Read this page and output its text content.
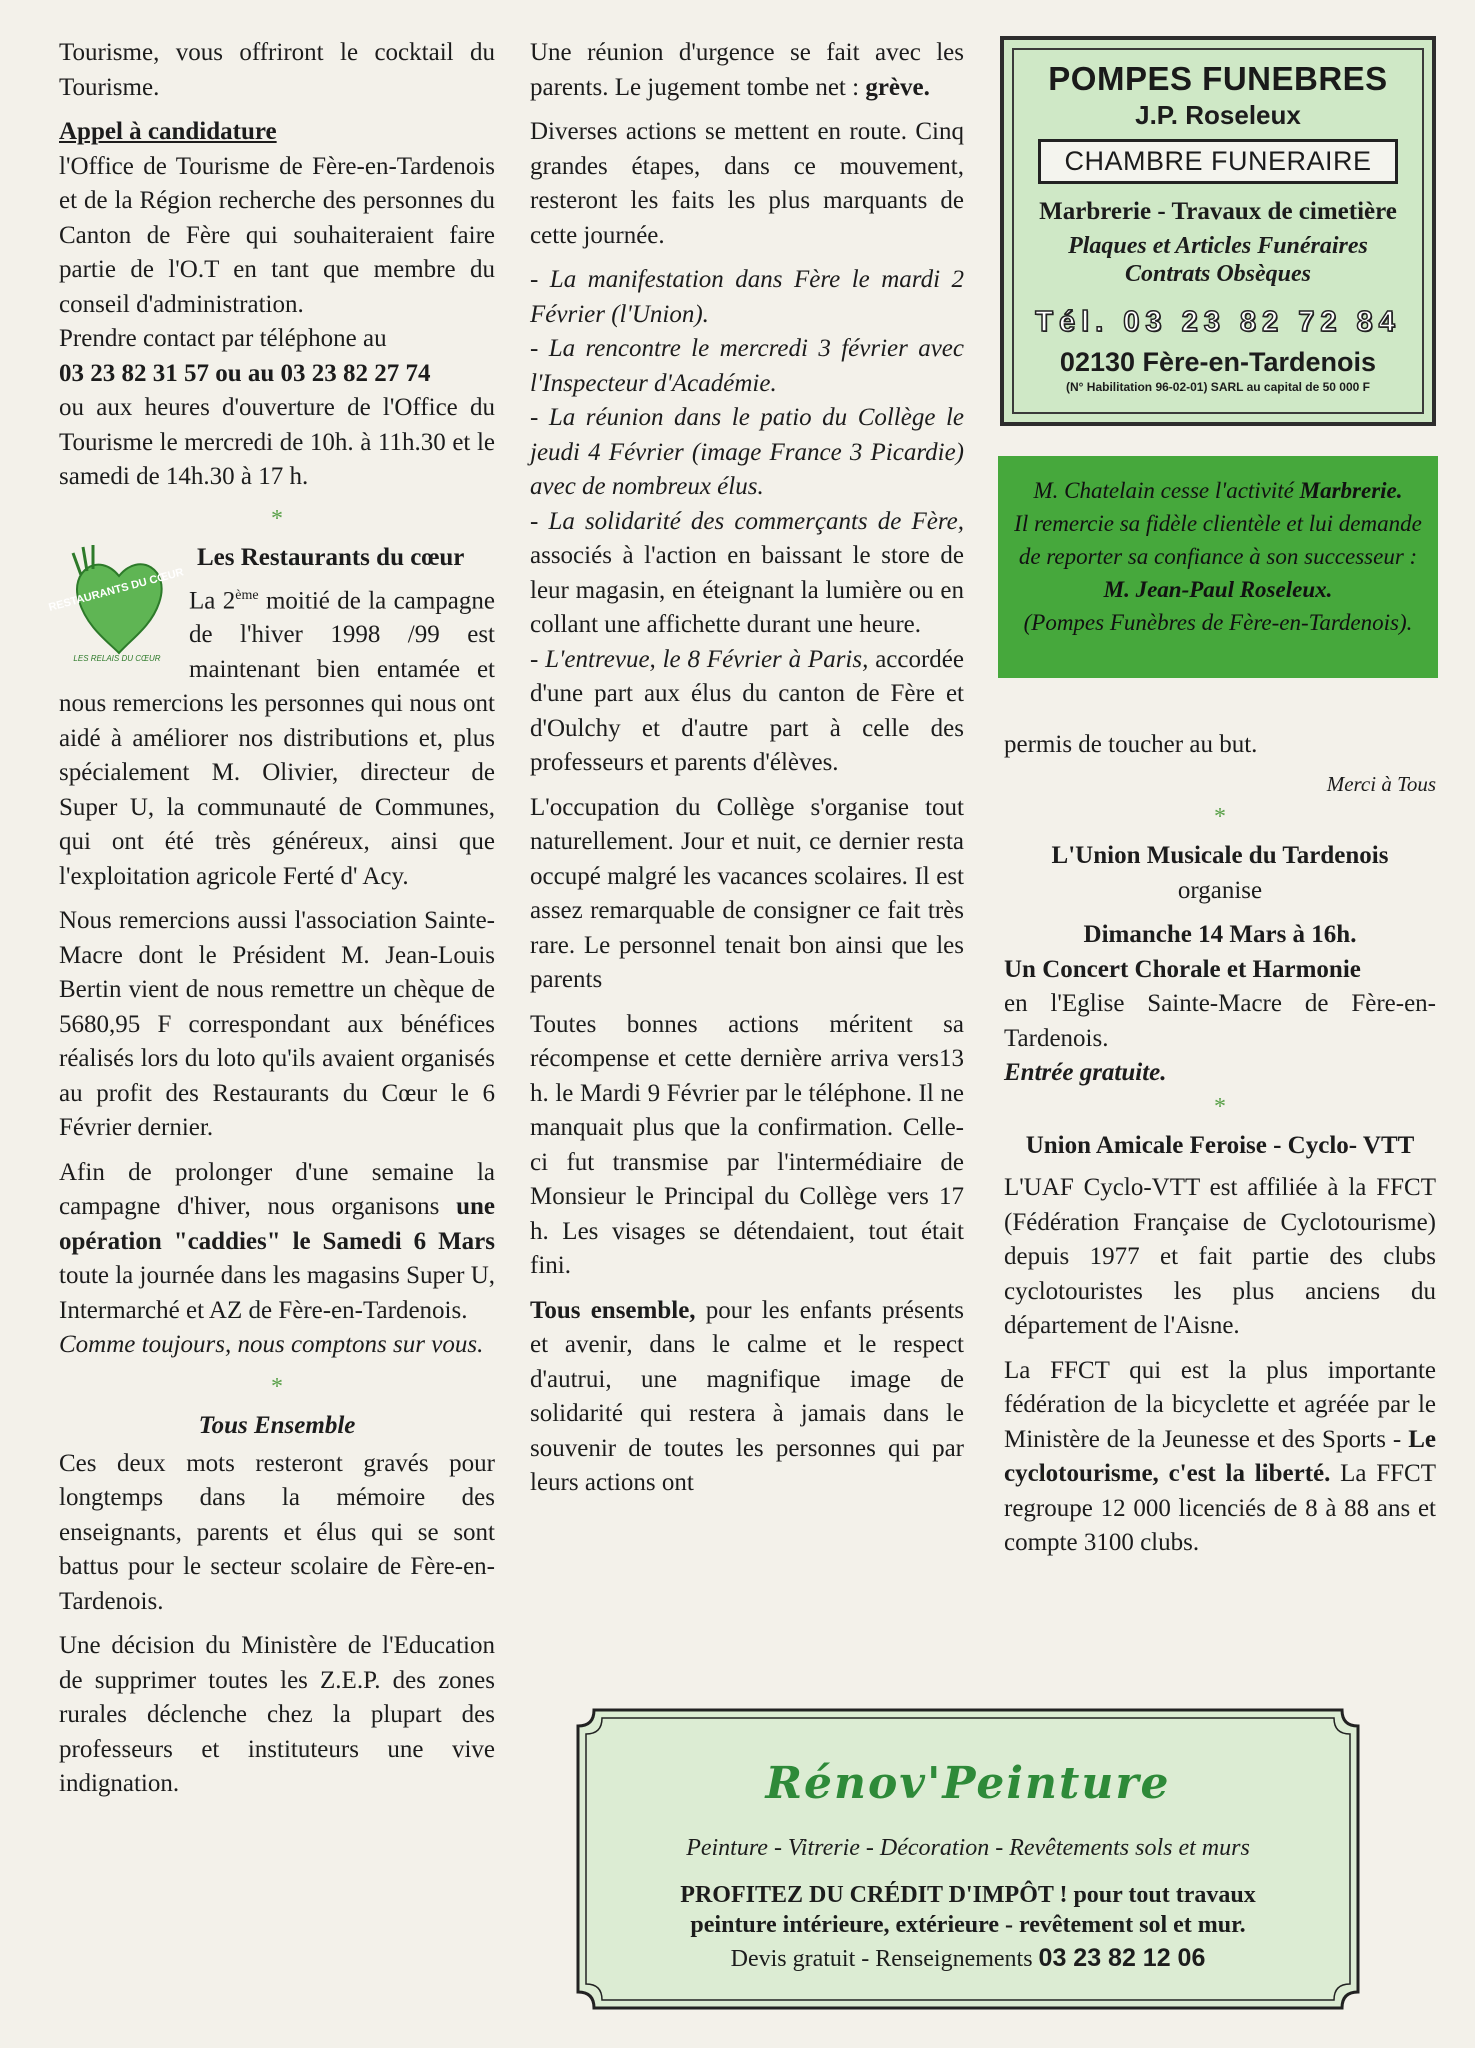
Tourisme, vous offriront le cocktail du Tourisme.

Appel à candidature

l'Office de Tourisme de Fère-en-Tardenois et de la Région recherche des personnes du Canton de Fère qui souhaiteraient faire partie de l'O.T en tant que membre du conseil d'administration.

Prendre contact par téléphone au

03 23 82 31 57 ou au 03 23 82 27 74

ou aux heures d'ouverture de l'Office du Tourisme le mercredi de 10h. à 11h.30 et le samedi de 14h.30 à 17 h.

*
RESTAURANTS DU CŒUR
LES RELAIS DU CŒUR
Les Restaurants du cœur

La 2ème moitié de la campagne de l'hiver 1998 /99 est maintenant bien entamée et nous remercions les personnes qui nous ont aidé à améliorer nos distributions et, plus spécialement M. Olivier, directeur de Super U, la communauté de Communes, qui ont été très généreux, ainsi que l'exploitation agricole Ferté d' Acy.

Nous remercions aussi l'association Sainte-Macre dont le Président M. Jean-Louis Bertin vient de nous remettre un chèque de 5680,95 F correspondant aux bénéfices réalisés lors du loto qu'ils avaient organisés au profit des Restaurants du Cœur le 6 Février dernier.

Afin de prolonger d'une semaine la campagne d'hiver, nous organisons une opération "caddies" le Samedi 6 Mars toute la journée dans les magasins Super U, Intermarché et AZ de Fère-en-Tardenois.

Comme toujours, nous comptons sur vous.

*
Tous Ensemble

Ces deux mots resteront gravés pour longtemps dans la mémoire des enseignants, parents et élus qui se sont battus pour le secteur scolaire de Fère-en-Tardenois.

Une décision du Ministère de l'Education de supprimer toutes les Z.E.P. des zones rurales déclenche chez la plupart des professeurs et instituteurs une vive indignation.

Une réunion d'urgence se fait avec les parents. Le jugement tombe net : grève.

Diverses actions se mettent en route. Cinq grandes étapes, dans ce mouvement, resteront les faits les plus marquants de cette journée.

- La manifestation dans Fère le mardi 2 Février (l'Union).

- La rencontre le mercredi 3 février avec l'Inspecteur d'Académie.

- La réunion dans le patio du Collège le jeudi 4 Février (image France 3 Picardie) avec de nombreux élus.

- La solidarité des commerçants de Fère, associés à l'action en baissant le store de leur magasin, en éteignant la lumière ou en collant une affichette durant une heure.

- L'entrevue, le 8 Février à Paris, accordée d'une part aux élus du canton de Fère et d'Oulchy et d'autre part à celle des professeurs et parents d'élèves.

L'occupation du Collège s'organise tout naturellement. Jour et nuit, ce dernier resta occupé malgré les vacances scolaires. Il est assez remarquable de consigner ce fait très rare. Le personnel tenait bon ainsi que les parents

Toutes bonnes actions méritent sa récompense et cette dernière arriva vers13 h. le Mardi 9 Février par le téléphone. Il ne manquait plus que la confirmation. Celle-ci fut transmise par l'intermédiaire de Monsieur le Principal du Collège vers 17 h. Les visages se détendaient, tout était fini.

Tous ensemble, pour les enfants présents et avenir, dans le calme et le respect d'autrui, une magnifique image de solidarité qui restera à jamais dans le souvenir de toutes les personnes qui par leurs actions ont

POMPES FUNEBRES
J.P. Roseleux
CHAMBRE FUNERAIRE
Marbrerie - Travaux de cimetière
Plaques et Articles Funéraires
Contrats Obsèques
Tél. 03 23 82 72 84
02130 Fère-en-Tardenois
(N° Habilitation 96-02-01) SARL au capital de 50 000 F
M. Chatelain cesse l'activité Marbrerie.
Il remercie sa fidèle clientèle et lui demande de reporter sa confiance à son successeur :
M. Jean-Paul Roseleux.
(Pompes Funèbres de Fère-en-Tardenois).

permis de toucher au but.

Merci à Tous

*

L'Union Musicale du Tardenois

organise

Dimanche 14 Mars à 16h.

Un Concert Chorale et Harmonie

en l'Eglise Sainte-Macre de Fère-en-Tardenois.

Entrée gratuite.

*

Union Amicale Feroise - Cyclo- VTT

L'UAF Cyclo-VTT est affiliée à la FFCT (Fédération Française de Cyclotourisme) depuis 1977 et fait partie des clubs cyclotouristes les plus anciens du département de l'Aisne.

La FFCT qui est la plus importante fédération de la bicyclette et agréée par le Ministère de la Jeunesse et des Sports - Le cyclotourisme, c'est la liberté. La FFCT regroupe 12 000 licenciés de 8 à 88 ans et compte 3100 clubs.

Rénov'Peinture
Peinture - Vitrerie - Décoration - Revêtements sols et murs
PROFITEZ DU CRÉDIT D'IMPÔT ! pour tout travaux
peinture intérieure, extérieure - revêtement sol et mur.
Devis gratuit - Renseignements 03 23 82 12 06
